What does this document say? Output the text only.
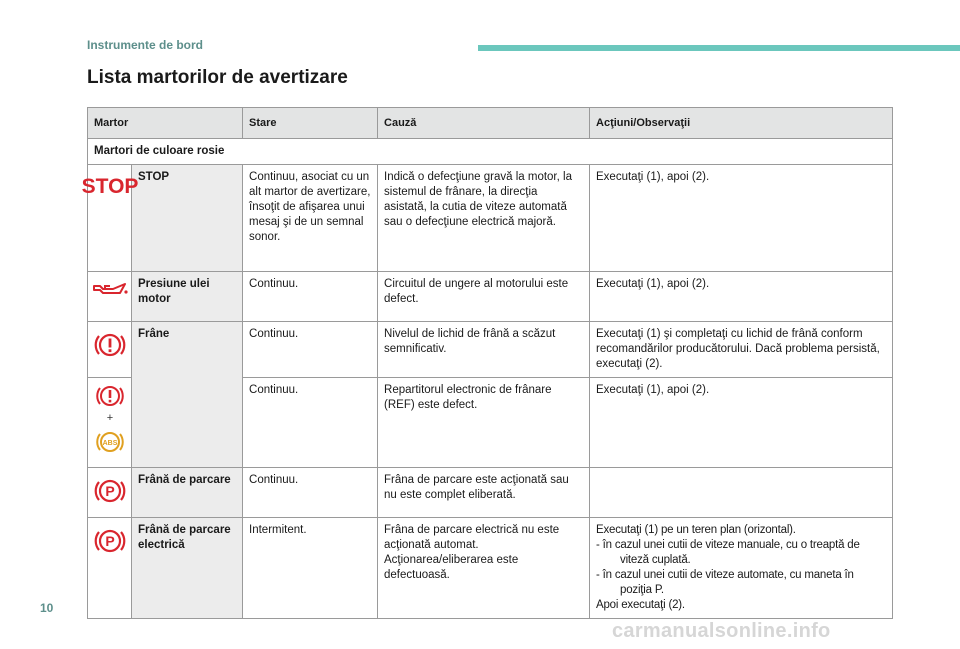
Instrumente de bord
Lista martorilor de avertizare
Martor		Stare	Cauză	Acţiuni/Observaţii
Martori de culoare rosie				

STOP	STOP	Continuu, asociat cu un alt martor de avertizare, însoţit de afişarea unui mesaj şi de un semnal sonor.	Indică o defecţiune gravă la motor, la sistemul de frânare, la direcţia asistată, la cutia de viteze automată sau o defecţiune electrică majoră.	Executaţi (1), apoi (2).
	Presiune ulei motor	Continuu.	Circuitul de ungere al motorului este defect.	Executaţi (1), apoi (2).
	Frâne	Continuu.	Nivelul de lichid de frână a scăzut semnificativ.	Executaţi (1) şi completaţi cu lichid de frână conform recomandărilor producătorului. Dacă problema persistă, executaţi (2).

+
ABS		Continuu.	Repartitorul electronic de frânare (REF) este defect.	Executaţi (1), apoi (2).

P	Frână de parcare	Continuu.	Frâna de parcare este acţionată sau nu este complet eliberată.	

P	Frână de parcare electrică	Intermitent.	Frâna de parcare electrică nu este acţionată automat. Acţionarea/eliberarea este defectuoasă.	Executaţi (1) pe un teren plan (orizontal).
- în cazul unei cutii de viteze manuale, cu o treaptă de viteză cuplată.
- în cazul unei cutii de viteze automate, cu maneta în poziţia P.
Apoi executaţi (2).
10
carmanualsonline.info
